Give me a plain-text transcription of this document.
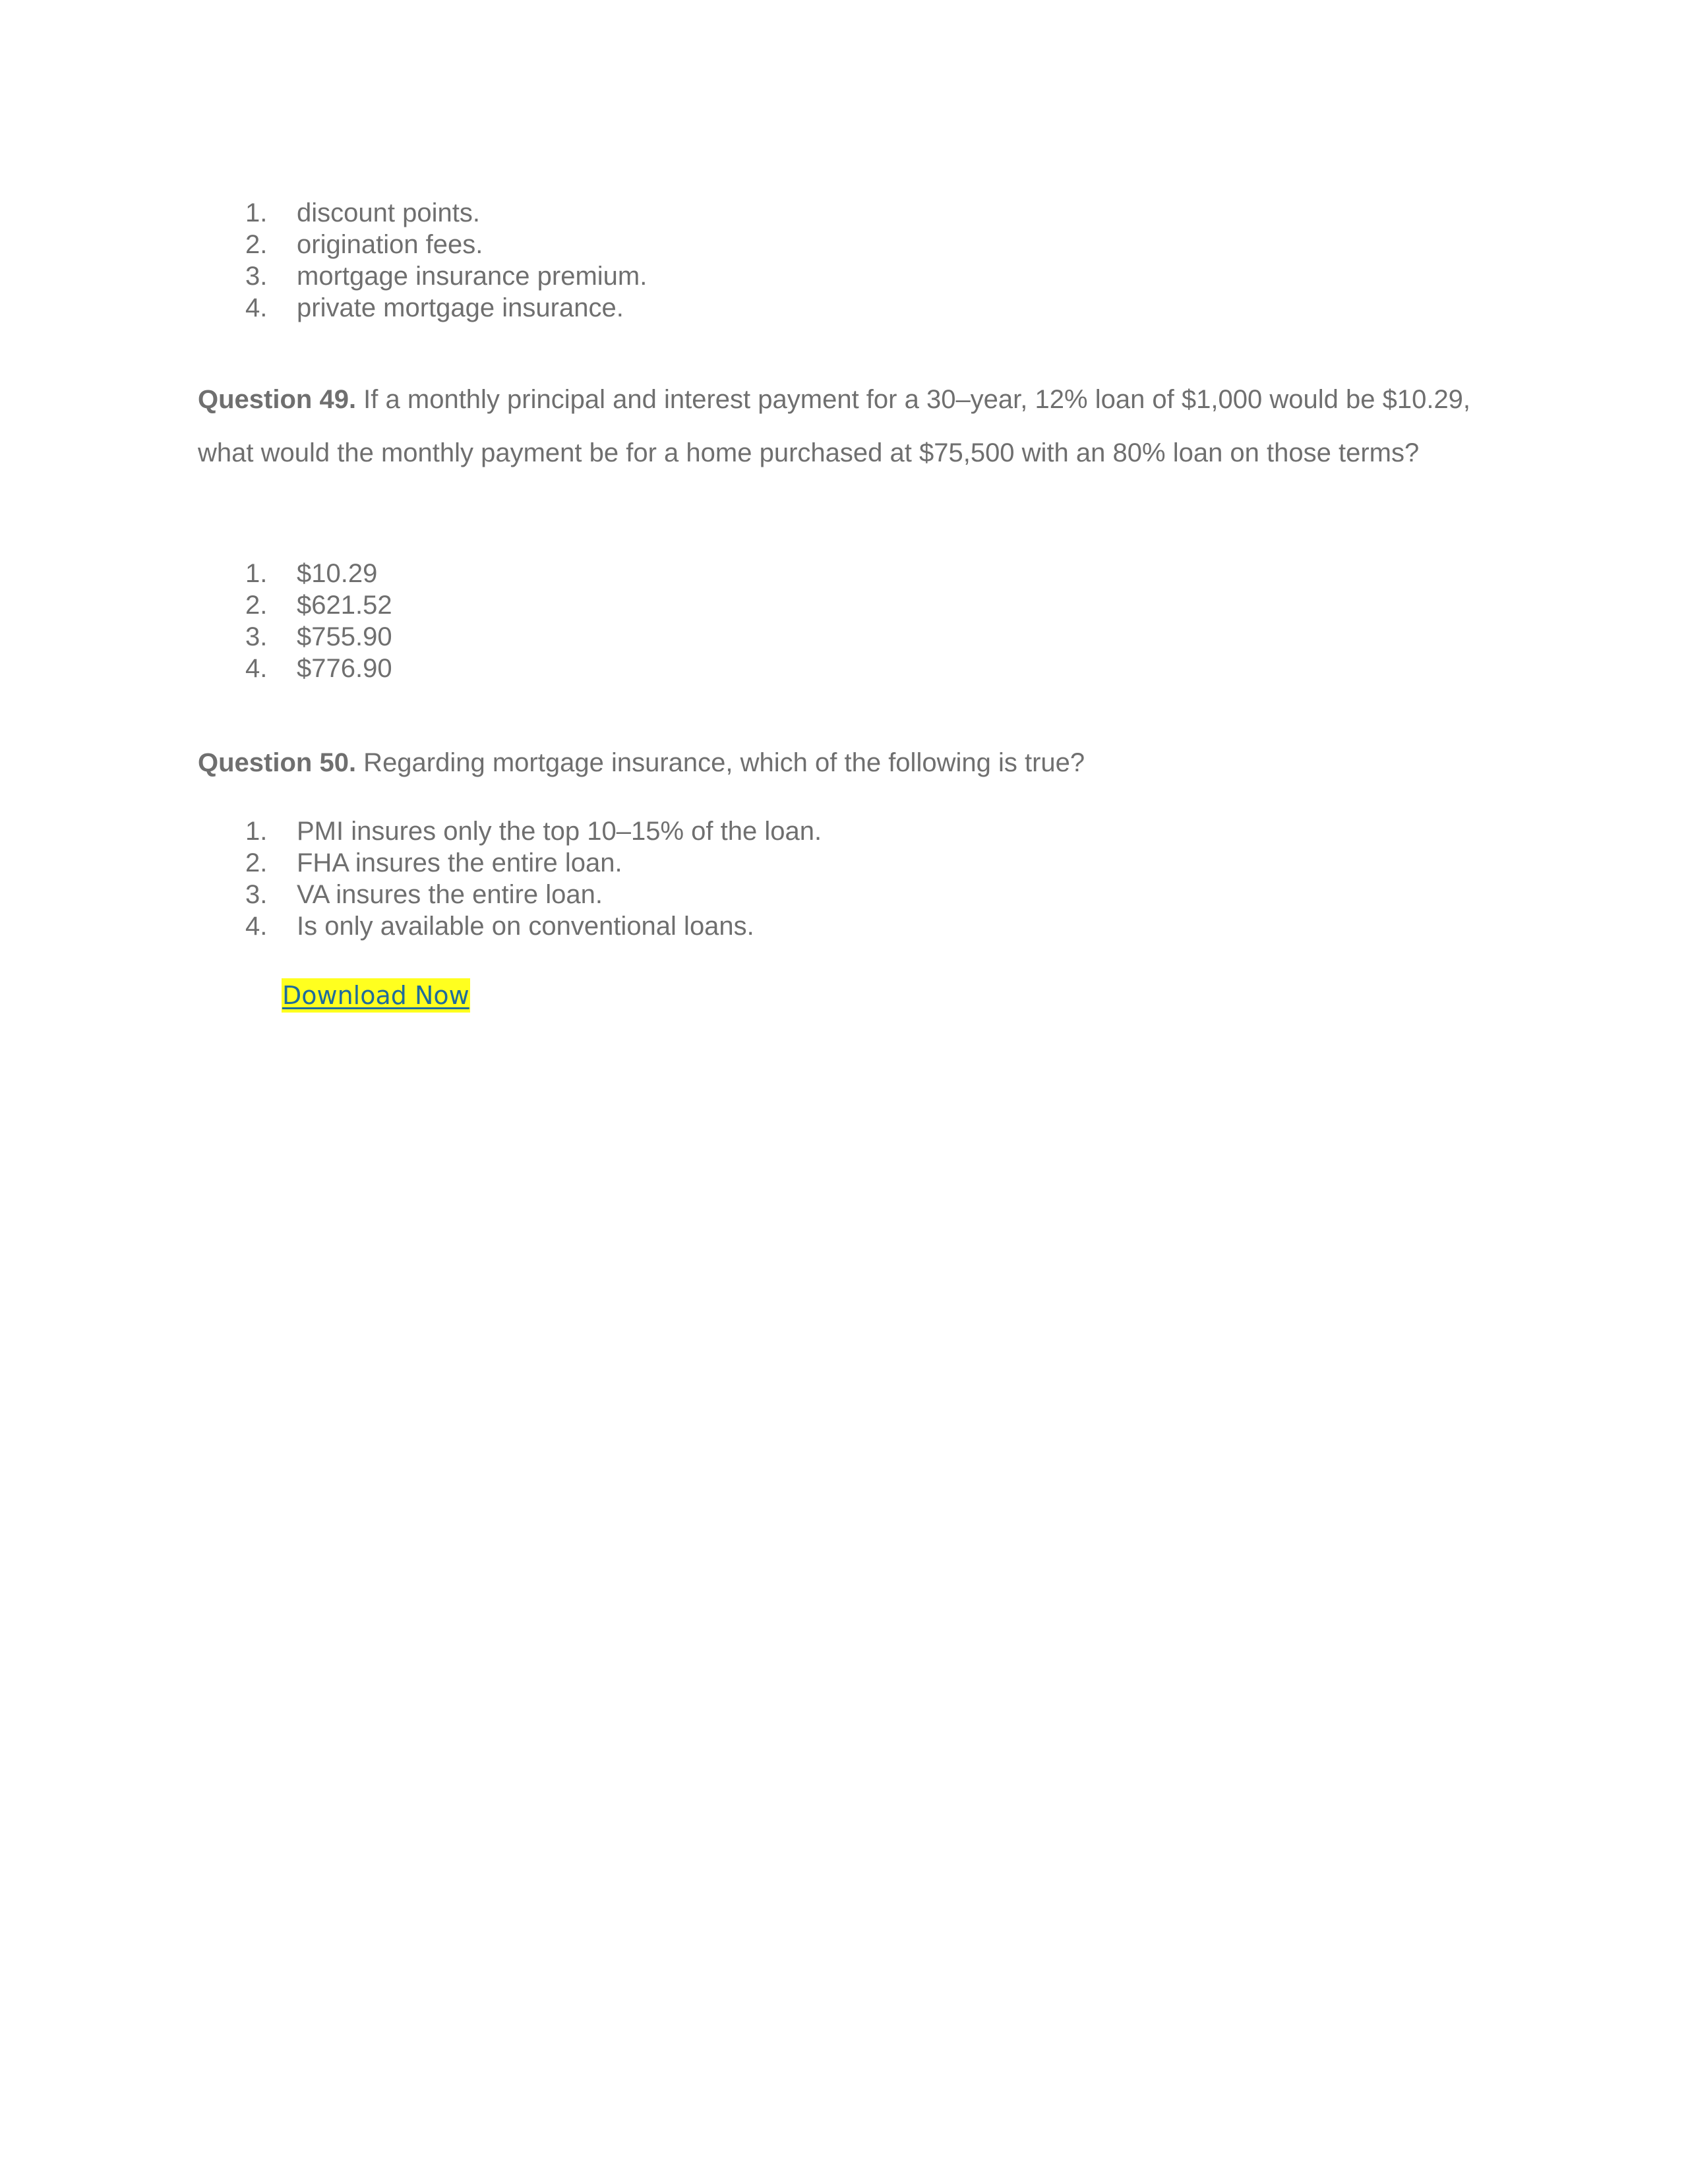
1. discount points.
2. origination fees.
3. mortgage insurance premium.
4. private mortgage insurance.

Question 49. If a monthly principal and interest payment for a 30–year, 12% loan of $1,000 would be $10.29, what would the monthly payment be for a home purchased at $75,500 with an 80% loan on those terms?

1. $10.29
2. $621.52
3. $755.90
4. $776.90

Question 50. Regarding mortgage insurance, which of the following is true?

1. PMI insures only the top 10–15% of the loan.
2. FHA insures the entire loan.
3. VA insures the entire loan.
4. Is only available on conventional loans.
Download Now
